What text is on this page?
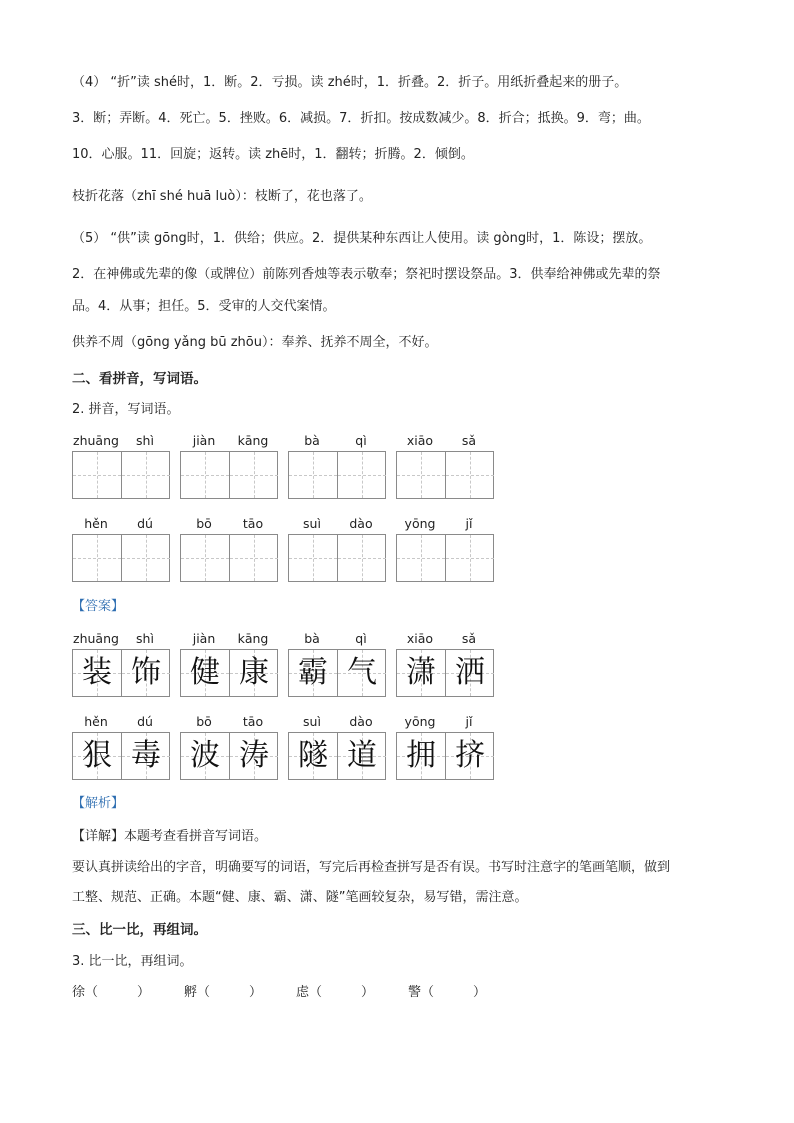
（4） “折”读 shé时，1．断。2．亏损。读 zhé时，1．折叠。2．折子。用纸折叠起来的册子。
3．断；弄断。4．死亡。5．挫败。6．减损。7．折扣。按成数减少。8．折合；抵换。9．弯；曲。
10．心服。11．回旋；返转。读 zhē时，1．翻转；折腾。2．倾倒。
枝折花落（zhī shé huā luò）：枝断了，花也落了。
（5） “供”读 gōng时，1．供给；供应。2．提供某种东西让人使用。读 gòng时，1．陈设；摆放。
2．在神佛或先辈的像（或牌位）前陈列香烛等表示敬奉；祭祀时摆设祭品。3．供奉给神佛或先辈的祭
品。4．从事；担任。5．受审的人交代案情。
供养不周（gōng yǎng bū zhōu）：奉养、抚养不周全，不好。
二、看拼音，写词语。
2. 拼音，写词语。
zhuāng	shì	jiàn	kāng	bà	qì	xiāo	sǎ
hěn	dú	bō	tāo	suì	dào	yōng	jǐ
【答案】
zhuāng	shì
装 饰
jiàn	kāng
健 康
bà	qì
霸 气
xiāo	sǎ
潇 洒
hěn	dú
狠 毒
bō	tāo
波 涛
suì	dào
隧 道
yōng	jǐ
拥 挤
【解析】
【详解】本题考查看拼音写词语。
要认真拼读给出的字音，明确要写的词语，写完后再检查拼写是否有误。书写时注意字的笔画笔顺，做到
工整、规范、正确。本题“健、康、霸、潇、隧”笔画较复杂，易写错，需注意。
三、比一比，再组词。
3. 比一比，再组词。
徐（　　　）	孵（　　　）	虑（　　　）	警（　　　）
